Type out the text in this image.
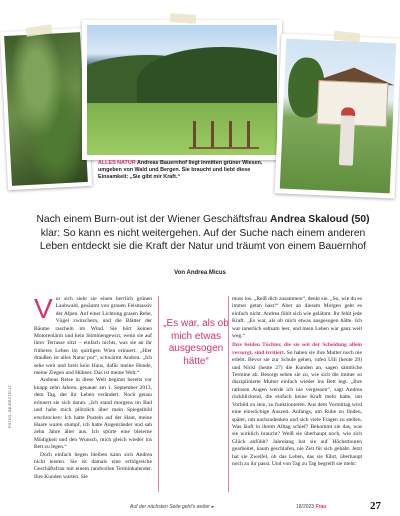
ALLES NATUR Andreas Bauernhof liegt inmitten grüner Wiesen, umgeben von Wald und Bergen. Sie braucht und liebt diese Einsamkeit: „Sie gibt mir Kraft.“
Nach einem Burn-out ist der Wiener Geschäftsfrau Andrea Skaloud (50) klar: So kann es nicht weitergehen. Auf der Suche nach einem anderen Leben entdeckt sie die Kraft der Natur und träumt von einem Bauernhof
Von Andrea Micus

Vor sich sieht sie einen herrlich grünen Laubwald, gesäumt von grauen Felsmassiv der Alpen. Auf einer Lichtung grasen Rehe, Vögel zwitschern, und die Blätter der Bäume rascheln im Wind. Sie hört keinen Motorenlärm und kein Stimmengewirr, wenn sie auf ihrer Terrasse sitzt – einfach nichts, was sie an ihr früheres Leben im quirligen Wien erinnert. „Hier draußen ist alles Natur pur“, schwärmt Andrea. „Ich sehe weit und breit kein Haus, dafür meine Hunde, meine Ziegen und Hühner. Das ist meine Welt.“

Andreas Reise in diese Welt beginnt bereits vor knapp zehn Jahren, genauer am 1. September 2013, dem Tag, der ihr Leben verändert. Noch genau erinnert sie sich daran. „Ich stand morgens im Bad und habe mich plötzlich über mein Spiegelbild erschrocken: Ich hatte Pusteln auf der Haut, meine Haare waren stumpf, ich hatte Augenränder und sah zehn Jahre älter aus. Ich spürte eine bleierne Müdigkeit und den Wunsch, mich gleich wieder ins Bett zu legen.“

Doch einfach liegen bleiben kann sich Andrea nicht leisten. Sie ist damals eine erfolgreiche Geschäftsfrau mit einem randvollen Terminkalender. Ihre Kunden warten. Sie

„Es war, als ob mich etwas ausgesogen hätte“

muss los. „Reiß dich zusammen“, denkt sie. „So, wie du es immer getan hast!“ Aber an diesem Morgen geht es einfach nicht. Andrea fühlt sich wie gelähmt. Ihr fehlt jede Kraft. „Es war, als ob mich etwas ausgesogen hätte. Ich war innerlich seltsam leer, und mein Leben war ganz weit weg.“

Ihre beiden Töchter, die sie seit der Scheidung allein versorgt, sind irritiert. So haben sie ihre Mutter noch nie erlebt. Bevor sie zur Schule gehen, rufen Ulli (heute 29) und Nicki (heute 27) die Kunden an, sagen sämtliche Termine ab. Besorgt sehen sie zu, wie sich die immer so disziplinierte Mutter einfach wieder ins Bett legt. „Ihre ratlosen Augen werde ich nie vergessen“, sagt Andrea rückblickend, die einfach keine Kraft mehr hatte, um Vorbild zu sein, zu funktionieren. Aus dem Vormittag wird eine einwöchige Auszeit. Anfangs, um Ruhe zu finden, später, um nachzudenken und sich viele Fragen zu stellen. Was läuft in ihrem Alltag schief? Bekommt sie das, was sie wirklich braucht? Weiß sie überhaupt noch, wie sich Glück anfühlt? Jahrelang hat sie auf Höchsttouren gearbeitet, kaum geschlafen, nie Zeit für sich gehabt. Jetzt hat sie Zweifel, ob das Leben, das sie führt, überhaupt noch zu ihr passt. Und von Tag zu Tag begreift sie mehr:

FOTOS: BEIGESTELLT
Auf der nächsten Seite geht's weiter ▸	18/2023 Frau	27
